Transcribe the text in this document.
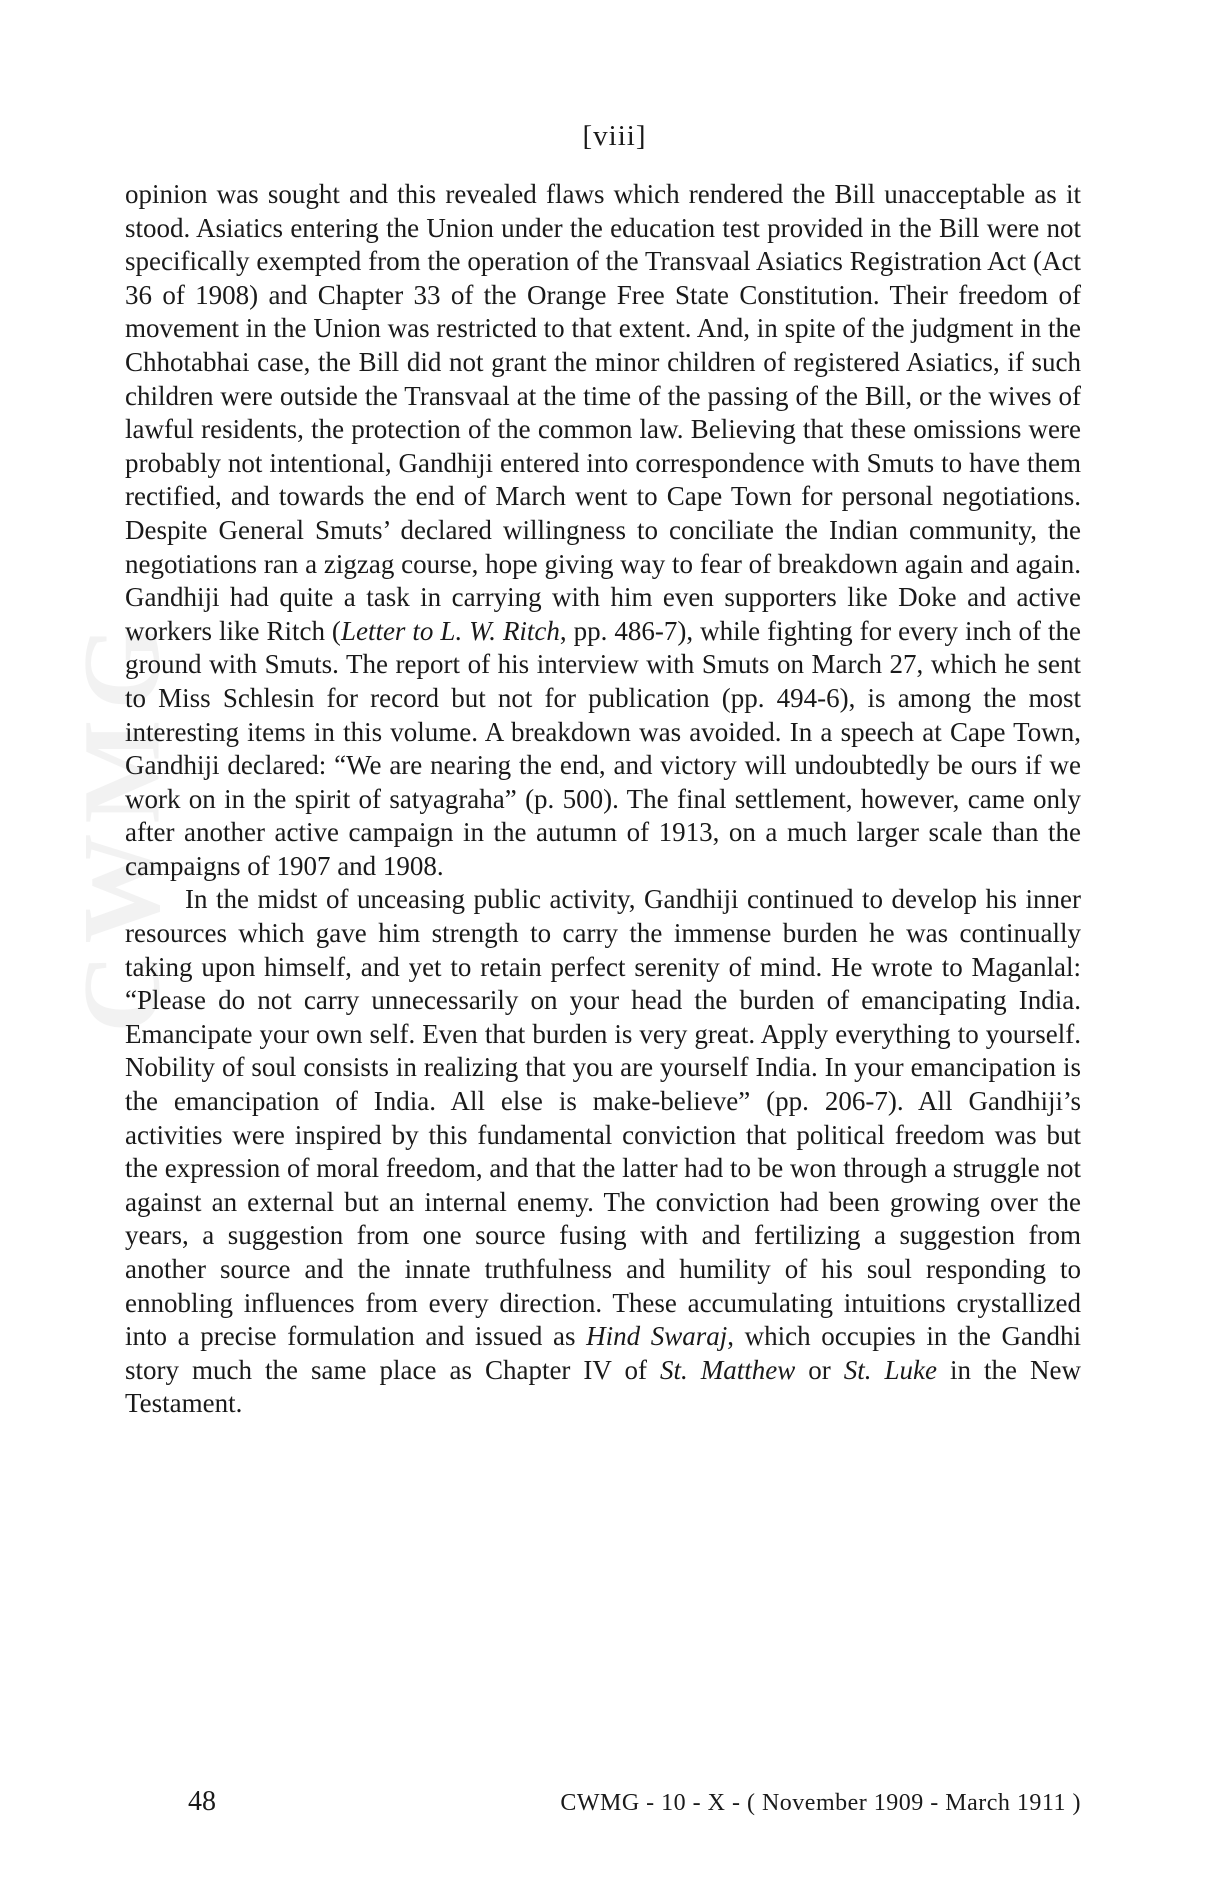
CWMG
[viii]

opinion was sought and this revealed flaws which rendered the Bill unacceptable as it stood. Asiatics entering the Union under the education test provided in the Bill were not specifically exempted from the operation of the Transvaal Asiatics Registration Act (Act 36 of 1908) and Chapter 33 of the Orange Free State Constitution. Their freedom of movement in the Union was restricted to that extent. And, in spite of the judgment in the Chhotabhai case, the Bill did not grant the minor children of registered Asiatics, if such children were outside the Transvaal at the time of the passing of the Bill, or the wives of lawful residents, the protection of the common law. Believing that these omissions were probably not intentional, Gandhiji entered into correspondence with Smuts to have them rectified, and towards the end of March went to Cape Town for personal negotiations. Despite General Smuts’ declared willingness to conciliate the Indian community, the negotiations ran a zigzag course, hope giving way to fear of breakdown again and again. Gandhiji had quite a task in carrying with him even supporters like Doke and active workers like Ritch (Letter to L. W. Ritch, pp. 486-7), while fighting for every inch of the ground with Smuts. The report of his interview with Smuts on March 27, which he sent to Miss Schlesin for record but not for publication (pp. 494-6), is among the most interesting items in this volume. A breakdown was avoided. In a speech at Cape Town, Gandhiji declared: “We are nearing the end, and victory will undoubtedly be ours if we work on in the spirit of satyagraha” (p. 500). The final settlement, however, came only after another active campaign in the autumn of 1913, on a much larger scale than the campaigns of 1907 and 1908.

In the midst of unceasing public activity, Gandhiji continued to develop his inner resources which gave him strength to carry the immense burden he was continually taking upon himself, and yet to retain perfect serenity of mind. He wrote to Maganlal: “Please do not carry unnecessarily on your head the burden of emancipating India. Emancipate your own self. Even that burden is very great. Apply everything to yourself. Nobility of soul consists in realizing that you are yourself India. In your emancipation is the emancipation of India. All else is make-believe” (pp. 206-7). All Gandhiji’s activities were inspired by this fundamental conviction that political freedom was but the expression of moral freedom, and that the latter had to be won through a struggle not against an external but an internal enemy. The conviction had been growing over the years, a suggestion from one source fusing with and fertilizing a suggestion from another source and the innate truthfulness and humility of his soul responding to ennobling influences from every direction. These accumulating intuitions crystallized into a precise formulation and issued as Hind Swaraj, which occupies in the Gandhi story much the same place as Chapter IV of St. Matthew or St. Luke in the New Testament.

48	CWMG - 10 - X - ( November 1909 - March 1911 )
